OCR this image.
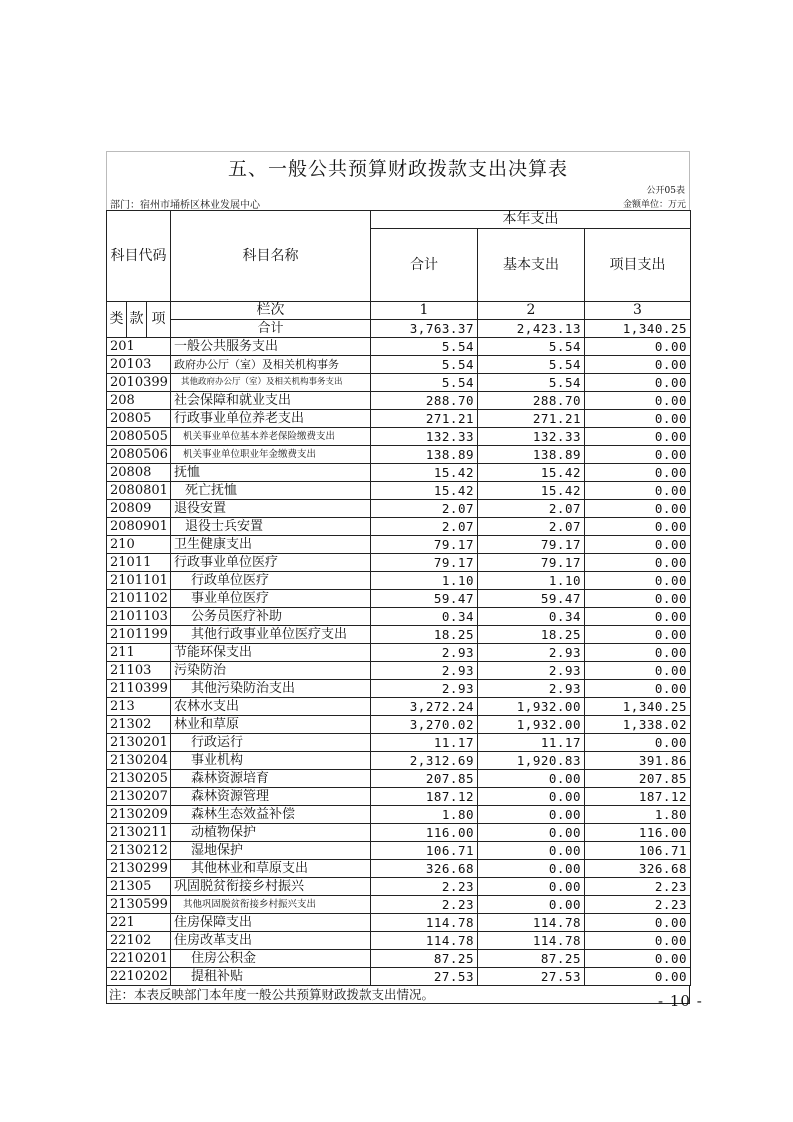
五、一般公共预算财政拨款支出决算表
公开05表
部门：宿州市埇桥区林业发展中心	金额单位：万元
科目代码			科目名称	本年支出		
				合计	基本支出	项目支出
类	款	项	栏次	1	2	3
			合计	3,763.37	2,423.13	1,340.25
201			一般公共服务支出	5.54	5.54	0.00
20103			政府办公厅（室）及相关机构事务	5.54	5.54	0.00
2010399			其他政府办公厅（室）及相关机构事务支出	5.54	5.54	0.00
208			社会保障和就业支出	288.70	288.70	0.00
20805			行政事业单位养老支出	271.21	271.21	0.00
2080505			机关事业单位基本养老保险缴费支出	132.33	132.33	0.00
2080506			机关事业单位职业年金缴费支出	138.89	138.89	0.00
20808			抚恤	15.42	15.42	0.00
2080801			死亡抚恤	15.42	15.42	0.00
20809			退役安置	2.07	2.07	0.00
2080901			退役士兵安置	2.07	2.07	0.00
210			卫生健康支出	79.17	79.17	0.00
21011			行政事业单位医疗	79.17	79.17	0.00
2101101			行政单位医疗	1.10	1.10	0.00
2101102			事业单位医疗	59.47	59.47	0.00
2101103			公务员医疗补助	0.34	0.34	0.00
2101199			其他行政事业单位医疗支出	18.25	18.25	0.00
211			节能环保支出	2.93	2.93	0.00
21103			污染防治	2.93	2.93	0.00
2110399			其他污染防治支出	2.93	2.93	0.00
213			农林水支出	3,272.24	1,932.00	1,340.25
21302			林业和草原	3,270.02	1,932.00	1,338.02
2130201			行政运行	11.17	11.17	0.00
2130204			事业机构	2,312.69	1,920.83	391.86
2130205			森林资源培育	207.85	0.00	207.85
2130207			森林资源管理	187.12	0.00	187.12
2130209			森林生态效益补偿	1.80	0.00	1.80
2130211			动植物保护	116.00	0.00	116.00
2130212			湿地保护	106.71	0.00	106.71
2130299			其他林业和草原支出	326.68	0.00	326.68
21305			巩固脱贫衔接乡村振兴	2.23	0.00	2.23
2130599			其他巩固脱贫衔接乡村振兴支出	2.23	0.00	2.23
221			住房保障支出	114.78	114.78	0.00
22102			住房改革支出	114.78	114.78	0.00
2210201			住房公积金	87.25	87.25	0.00
2210202			提租补贴	27.53	27.53	0.00
注：本表反映部门本年度一般公共预算财政拨款支出情况。	- 10 -
